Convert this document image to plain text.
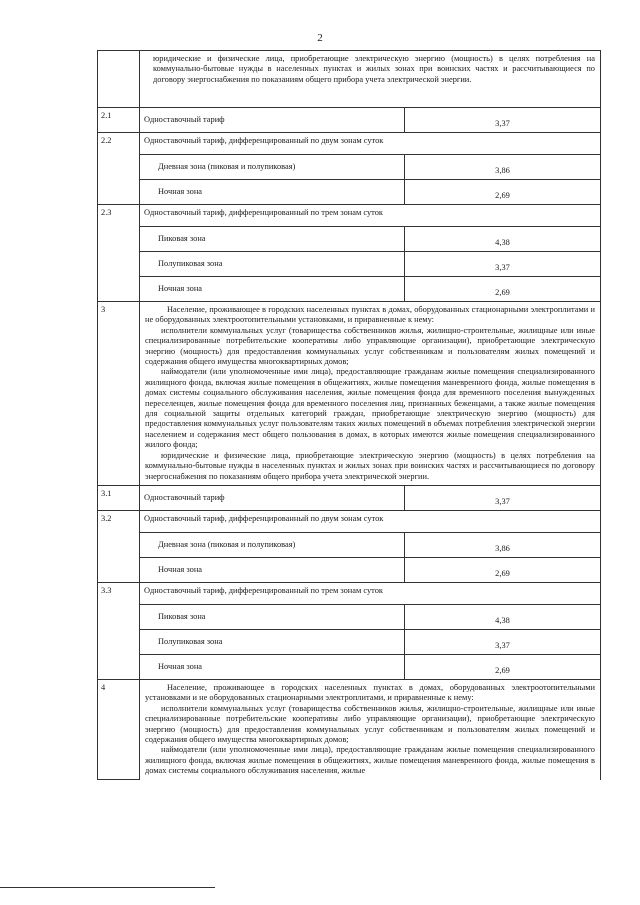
2

	юридические и физические лица, приобретающие электрическую энергию (мощность) в целях потребления на коммунально-бытовые нужды в населенных пунктах и жилых зонах при воинских частях и рассчитывающиеся по договору энергоснабжения по показаниям общего прибора учета электрической энергии.	

2.1	Одноставочный тариф	3,37
2.2	Одноставочный тариф, дифференцированный по двум зонам суток	
	Дневная зона (пиковая и полупиковая)	3,86
	Ночная зона	2,69
2.3	Одноставочный тариф, дифференцированный по трем зонам суток	
	Пиковая зона	4,38
	Полупиковая зона	3,37
	Ночная зона	2,69
3	Население, проживающее в городских населенных пунктах в домах, оборудованных стационарными электроплитами и не оборудованных электроотопительными установками, и приравненные к нему:

исполнители коммунальных услуг (товарищества собственников жилья, жилищно-строительные, жилищные или иные специализированные потребительские кооперативы либо управляющие организации), приобретающие электрическую энергию (мощность) для предоставления коммунальных услуг собственникам и пользователям жилых помещений и содержания общего имущества многоквартирных домов;

наймодатели (или уполномоченные ими лица), предоставляющие гражданам жилые помещения специализированного жилищного фонда, включая жилые помещения в общежитиях, жилые помещения маневренного фонда, жилые помещения в домах системы социального обслуживания населения, жилые помещения фонда для временного поселения вынужденных переселенцев, жилые помещения фонда для временного поселения лиц, признанных беженцами, а также жилые помещения для социальной защиты отдельных категорий граждан, приобретающие электрическую энергию (мощность) для предоставления коммунальных услуг пользователям таких жилых помещений в объемах потребления электрической энергии населением и содержания мест общего пользования в домах, в которых имеются жилые помещения специализированного жилого фонда;

юридические и физические лица, приобретающие электрическую энергию (мощность) в целях потребления на коммунально-бытовые нужды в населенных пунктах и жилых зонах при воинских частях и рассчитывающиеся по договору энергоснабжения по показаниям общего прибора учета электрической энергии.	

3.1	Одноставочный тариф	3,37
3.2	Одноставочный тариф, дифференцированный по двум зонам суток	
	Дневная зона (пиковая и полупиковая)	3,86
	Ночная зона	2,69
3.3	Одноставочный тариф, дифференцированный по трем зонам суток	
	Пиковая зона	4,38
	Полупиковая зона	3,37
	Ночная зона	2,69
4	Население, проживающее в городских населенных пунктах в домах, оборудованных электроотопительными установками и не оборудованных стационарными электроплитами, и приравненные к нему:

исполнители коммунальных услуг (товарищества собственников жилья, жилищно-строительные, жилищные или иные специализированные потребительские кооперативы либо управляющие организации), приобретающие электрическую энергию (мощность) для предоставления коммунальных услуг собственникам и пользователям жилых помещений и содержания общего имущества многоквартирных домов;

наймодатели (или уполномоченные ими лица), предоставляющие гражданам жилые помещения специализированного жилищного фонда, включая жилые помещения в общежитиях, жилые помещения маневренного фонда, жилые помещения в домах системы социального обслуживания населения, жилые	
